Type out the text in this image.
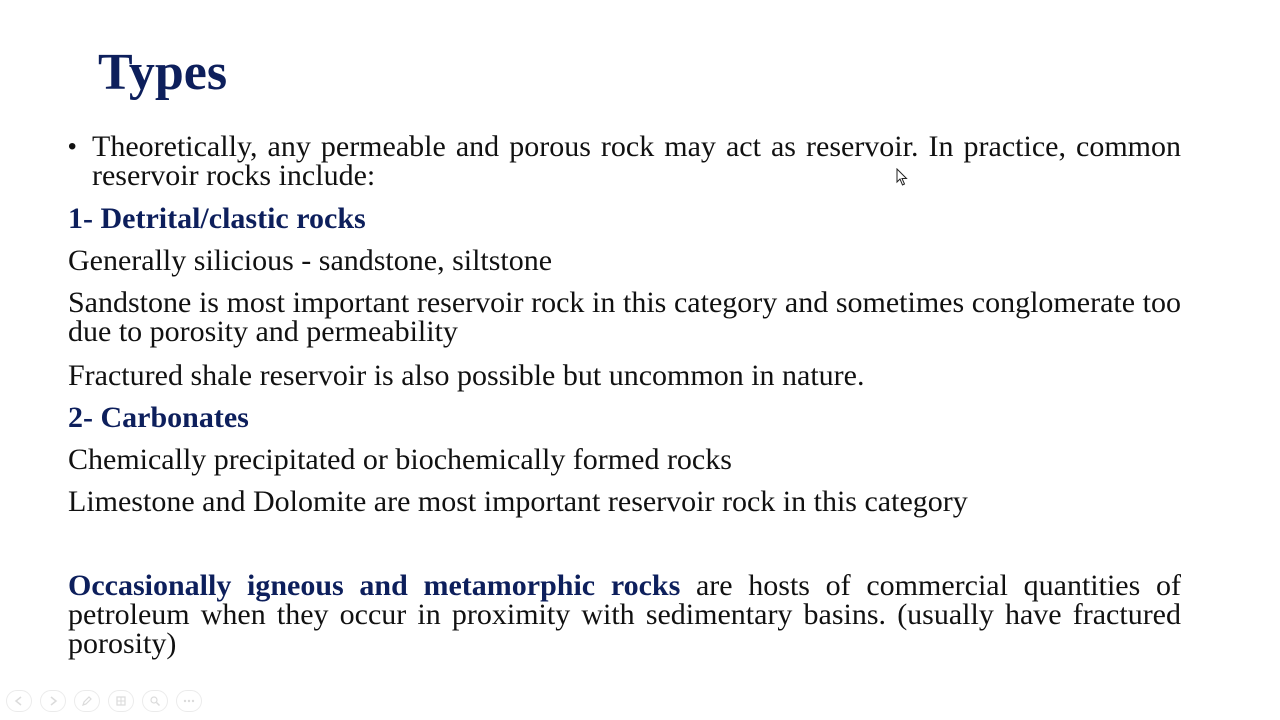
Types
• Theoretically, any permeable and porous rock may act as reservoir. In practice, common reservoir rocks include:
1- Detrital/clastic rocks

Generally silicious - sandstone, siltstone

Sandstone is most important reservoir rock in this category and sometimes conglomerate too due to porosity and permeability

Fractured shale reservoir is also possible but uncommon in nature.

2- Carbonates

Chemically precipitated or biochemically formed rocks

Limestone and Dolomite are most important reservoir rock in this category

Occasionally igneous and metamorphic rocks are hosts of commercial quantities of petroleum when they occur in proximity with sedimentary basins. (usually have fractured porosity)
